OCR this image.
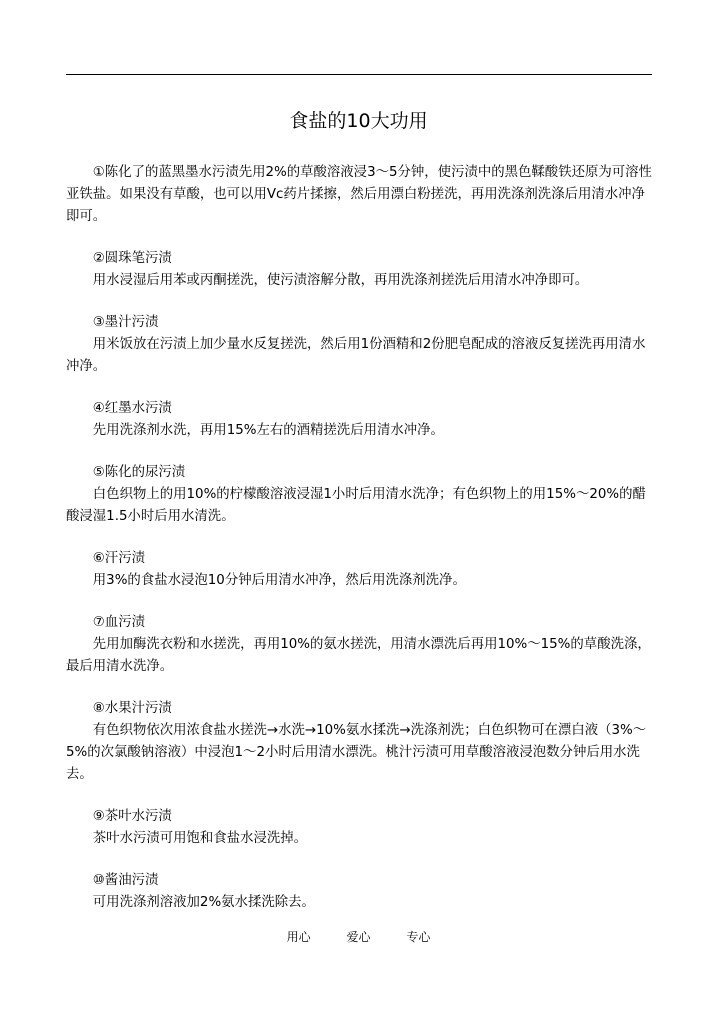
食盐的10大功用

①陈化了的蓝黑墨水污渍先用2%的草酸溶液浸3～5分钟，使污渍中的黑色鞣酸铁还原为可溶性亚铁盐。如果没有草酸，也可以用Vc药片揉擦，然后用漂白粉搓洗，再用洗涤剂洗涤后用清水冲净即可。

②圆珠笔污渍

用水浸湿后用苯或丙酮搓洗，使污渍溶解分散，再用洗涤剂搓洗后用清水冲净即可。

③墨汁污渍

用米饭放在污渍上加少量水反复搓洗，然后用1份酒精和2份肥皂配成的溶液反复搓洗再用清水冲净。

④红墨水污渍

先用洗涤剂水洗，再用15%左右的酒精搓洗后用清水冲净。

⑤陈化的尿污渍

白色织物上的用10%的柠檬酸溶液浸湿1小时后用清水洗净；有色织物上的用15%～20%的醋酸浸湿1.5小时后用水清洗。

⑥汗污渍

用3%的食盐水浸泡10分钟后用清水冲净，然后用洗涤剂洗净。

⑦血污渍

先用加酶洗衣粉和水搓洗，再用10%的氨水搓洗，用清水漂洗后再用10%～15%的草酸洗涤，最后用清水洗净。

⑧水果汁污渍

有色织物依次用浓食盐水搓洗→水洗→10%氨水揉洗→洗涤剂洗；白色织物可在漂白液（3%～5%的次氯酸钠溶液）中浸泡1～2小时后用清水漂洗。桃汁污渍可用草酸溶液浸泡数分钟后用水洗去。

⑨茶叶水污渍

茶叶水污渍可用饱和食盐水浸洗掉。

⑩酱油污渍

可用洗涤剂溶液加2%氨水揉洗除去。

用心	爱心	专心
